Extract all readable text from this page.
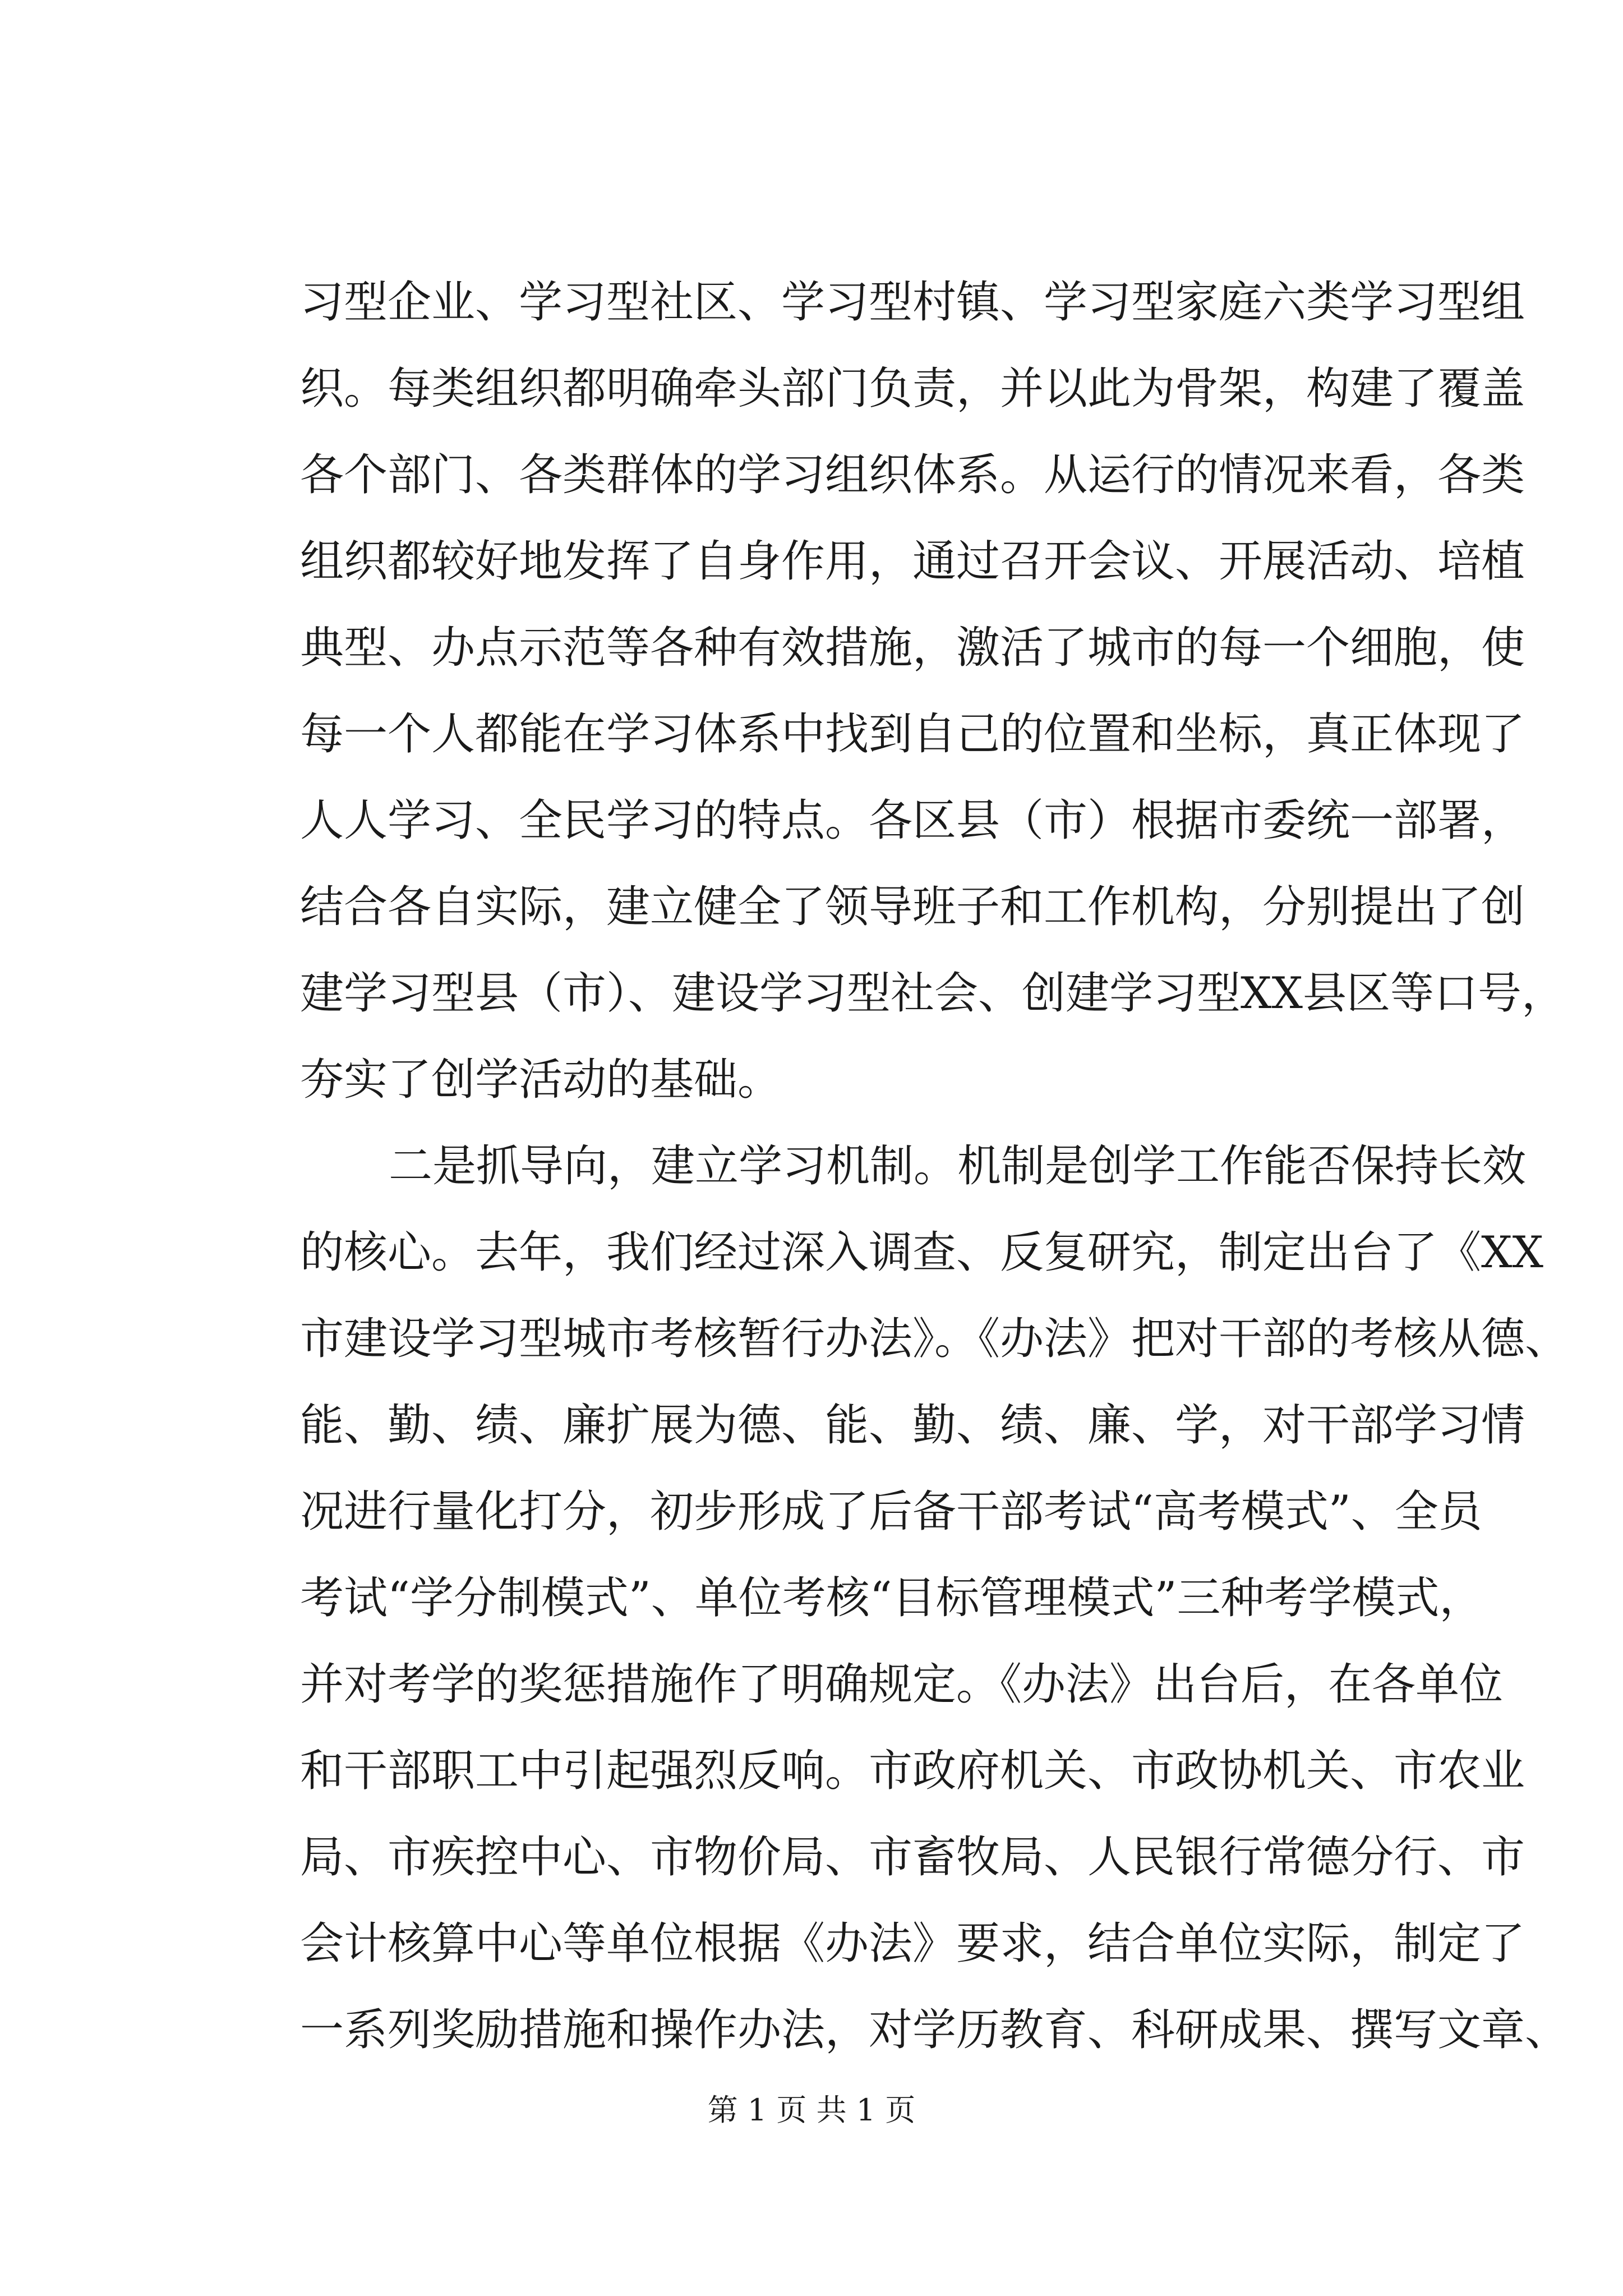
习型企业、学习型社区、学习型村镇、学习型家庭六类学习型组
织。每类组织都明确牵头部门负责，并以此为骨架，构建了覆盖
各个部门、各类群体的学习组织体系。从运行的情况来看，各类
组织都较好地发挥了自身作用，通过召开会议、开展活动、培植
典型、办点示范等各种有效措施，激活了城市的每一个细胞，使
每一个人都能在学习体系中找到自己的位置和坐标，真正体现了
人人学习、全民学习的特点。各区县（市）根据市委统一部署，
结合各自实际，建立健全了领导班子和工作机构，分别提出了创
建学习型县（市）、建设学习型社会、创建学习型XX县区等口号，
夯实了创学活动的基础。
二是抓导向，建立学习机制。机制是创学工作能否保持长效
的核心。去年，我们经过深入调查、反复研究，制定出台了《XX
市建设学习型城市考核暂行办法》。《办法》把对干部的考核从德、
能、勤、绩、廉扩展为德、能、勤、绩、廉、学，对干部学习情
况进行量化打分，初步形成了后备干部考试“高考模式”、全员
考试“学分制模式”、单位考核“目标管理模式”三种考学模式，
并对考学的奖惩措施作了明确规定。《办法》出台后，在各单位
和干部职工中引起强烈反响。市政府机关、市政协机关、市农业
局、市疾控中心、市物价局、市畜牧局、人民银行常德分行、市
会计核算中心等单位根据《办法》要求，结合单位实际，制定了
一系列奖励措施和操作办法，对学历教育、科研成果、撰写文章、
第 1 页 共 1 页
